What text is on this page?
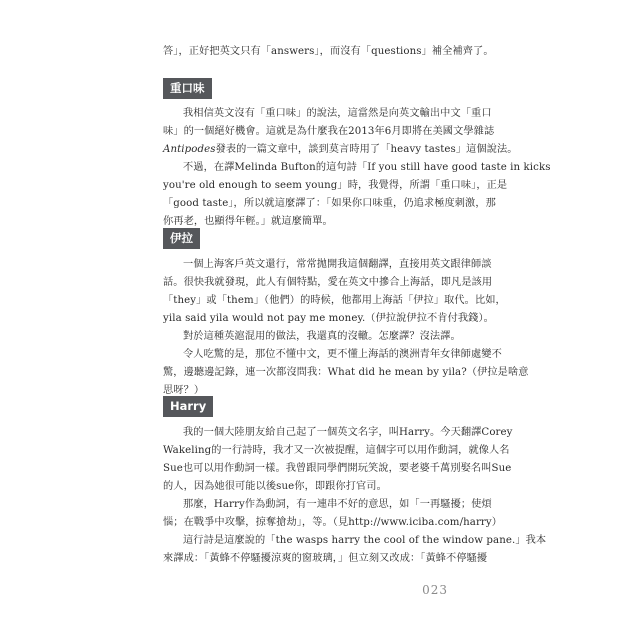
答」，正好把英文只有「answers」，而沒有「questions」補全補齊了。
重口味
我相信英文沒有「重口味」的說法，這當然是向英文輸出中文「重口
味」的一個絕好機會。這就是為什麼我在2013年6月即將在美國文學雜誌
Antipodes發表的一篇文章中，談到莫言時用了「heavy tastes」這個說法。
不過，在譯Melinda Bufton的這句詩「If you still have good taste in kicks
you're old enough to seem young」時，我覺得，所謂「重口味」，正是
「good taste」，所以就這麼譯了：「如果你口味重，仍追求極度刺激，那
你再老，也顯得年輕。」就這麼簡單。
伊拉
一個上海客戶英文還行，常常拋開我這個翻譯，直接用英文跟律師談
話。很快我就發現，此人有個特點，愛在英文中摻合上海話，即凡是該用
「they」或「them」（他們）的時候，他都用上海話「伊拉」取代。比如，
yila said yila would not pay me money.（伊拉說伊拉不肯付我錢）。
對於這種英滬混用的做法，我還真的沒轍。怎麼譯？沒法譯。
令人吃驚的是，那位不懂中文，更不懂上海話的澳洲青年女律師處變不
驚，邊聽邊記錄，連一次都沒問我：What did he mean by yila?（伊拉是啥意
思呀？）
Harry
我的一個大陸朋友給自己起了一個英文名字，叫Harry。今天翻譯Corey
Wakeling的一行詩時，我才又一次被提醒，這個字可以用作動詞，就像人名
Sue也可以用作動詞一樣。我曾跟同學們開玩笑說，要老婆千萬別娶名叫Sue
的人，因為她很可能以後sue你，即跟你打官司。
那麼，Harry作為動詞，有一連串不好的意思，如「一再騷擾；使煩
惱；在戰爭中攻擊，掠奪搶劫」，等。（見http://www.iciba.com/harry）
這行詩是這麼說的「the wasps harry the cool of the window pane.」我本
來譯成：「黃蜂不停騷擾涼爽的窗玻璃，」但立刻又改成：「黃蜂不停騷擾
023
